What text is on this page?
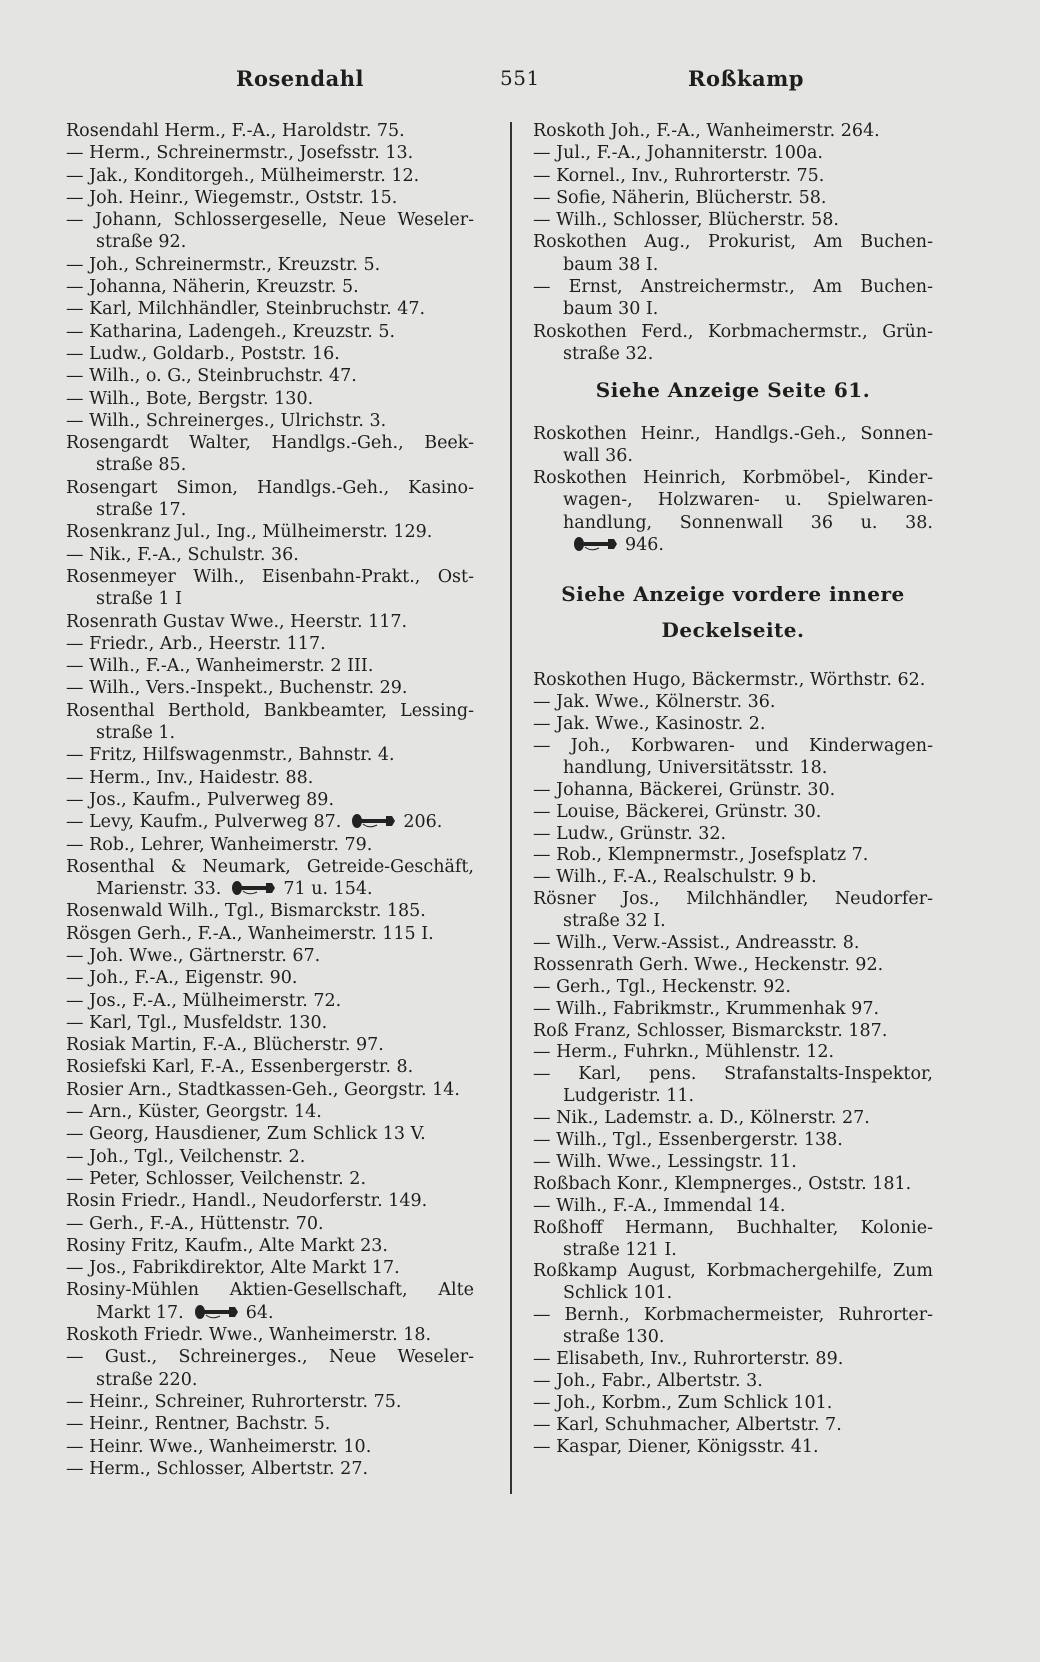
Rosendahl	551	Roßkamp
Rosendahl Herm., F.-A., Haroldstr. 75.
— Herm., Schreinermstr., Josefsstr. 13.
— Jak., Konditorgeh., Mülheimerstr. 12.
— Joh. Heinr., Wiegemstr., Oststr. 15.
— Johann, Schlossergeselle, Neue Weseler-
straße 92.
— Joh., Schreinermstr., Kreuzstr. 5.
— Johanna, Näherin, Kreuzstr. 5.
— Karl, Milchhändler, Steinbruchstr. 47.
— Katharina, Ladengeh., Kreuzstr. 5.
— Ludw., Goldarb., Poststr. 16.
— Wilh., o. G., Steinbruchstr. 47.
— Wilh., Bote, Bergstr. 130.
— Wilh., Schreinerges., Ulrichstr. 3.
Rosengardt Walter, Handlgs.-Geh., Beek-
straße 85.
Rosengart Simon, Handlgs.-Geh., Kasino-
straße 17.
Rosenkranz Jul., Ing., Mülheimerstr. 129.
— Nik., F.-A., Schulstr. 36.
Rosenmeyer Wilh., Eisenbahn-Prakt., Ost-
straße 1 I
Rosenrath Gustav Wwe., Heerstr. 117.
— Friedr., Arb., Heerstr. 117.
— Wilh., F.-A., Wanheimerstr. 2 III.
— Wilh., Vers.-Inspekt., Buchenstr. 29.
Rosenthal Berthold, Bankbeamter, Lessing-
straße 1.
— Fritz, Hilfswagenmstr., Bahnstr. 4.
— Herm., Inv., Haidestr. 88.
— Jos., Kaufm., Pulverweg 89.
— Levy, Kaufm., Pulverweg 87.	206.
— Rob., Lehrer, Wanheimerstr. 79.
Rosenthal & Neumark, Getreide-Geschäft,
Marienstr. 33.	71 u. 154.
Rosenwald Wilh., Tgl., Bismarckstr. 185.
Rösgen Gerh., F.-A., Wanheimerstr. 115 I.
— Joh. Wwe., Gärtnerstr. 67.
— Joh., F.-A., Eigenstr. 90.
— Jos., F.-A., Mülheimerstr. 72.
— Karl, Tgl., Musfeldstr. 130.
Rosiak Martin, F.-A., Blücherstr. 97.
Rosiefski Karl, F.-A., Essenbergerstr. 8.
Rosier Arn., Stadtkassen-Geh., Georgstr. 14.
— Arn., Küster, Georgstr. 14.
— Georg, Hausdiener, Zum Schlick 13 V.
— Joh., Tgl., Veilchenstr. 2.
— Peter, Schlosser, Veilchenstr. 2.
Rosin Friedr., Handl., Neudorferstr. 149.
— Gerh., F.-A., Hüttenstr. 70.
Rosiny Fritz, Kaufm., Alte Markt 23.
— Jos., Fabrikdirektor, Alte Markt 17.
Rosiny-Mühlen Aktien-Gesellschaft, Alte
Markt 17.	64.
Roskoth Friedr. Wwe., Wanheimerstr. 18.
— Gust., Schreinerges., Neue Weseler-
straße 220.
— Heinr., Schreiner, Ruhrorterstr. 75.
— Heinr., Rentner, Bachstr. 5.
— Heinr. Wwe., Wanheimerstr. 10.
— Herm., Schlosser, Albertstr. 27.
Roskoth Joh., F.-A., Wanheimerstr. 264.
— Jul., F.-A., Johanniterstr. 100a.
— Kornel., Inv., Ruhrorterstr. 75.
— Sofie, Näherin, Blücherstr. 58.
— Wilh., Schlosser, Blücherstr. 58.
Roskothen Aug., Prokurist, Am Buchen-
baum 38 I.
— Ernst, Anstreichermstr., Am Buchen-
baum 30 I.
Roskothen Ferd., Korbmachermstr., Grün-
straße 32.
Siehe Anzeige Seite 61.
Roskothen Heinr., Handlgs.-Geh., Sonnen-
wall 36.
Roskothen Heinrich, Korbmöbel-, Kinder-
wagen-, Holzwaren- u. Spielwaren-
handlung, Sonnenwall 36 u. 38.
946.
Siehe Anzeige vordere innere
Deckelseite.
Roskothen Hugo, Bäckermstr., Wörthstr. 62.
— Jak. Wwe., Kölnerstr. 36.
— Jak. Wwe., Kasinostr. 2.
— Joh., Korbwaren- und Kinderwagen-
handlung, Universitätsstr. 18.
— Johanna, Bäckerei, Grünstr. 30.
— Louise, Bäckerei, Grünstr. 30.
— Ludw., Grünstr. 32.
— Rob., Klempnermstr., Josefsplatz 7.
— Wilh., F.-A., Realschulstr. 9 b.
Rösner Jos., Milchhändler, Neudorfer-
straße 32 I.
— Wilh., Verw.-Assist., Andreasstr. 8.
Rossenrath Gerh. Wwe., Heckenstr. 92.
— Gerh., Tgl., Heckenstr. 92.
— Wilh., Fabrikmstr., Krummenhak 97.
Roß Franz, Schlosser, Bismarckstr. 187.
— Herm., Fuhrkn., Mühlenstr. 12.
— Karl, pens. Strafanstalts-Inspektor,
Ludgeristr. 11.
— Nik., Lademstr. a. D., Kölnerstr. 27.
— Wilh., Tgl., Essenbergerstr. 138.
— Wilh. Wwe., Lessingstr. 11.
Roßbach Konr., Klempnerges., Oststr. 181.
— Wilh., F.-A., Immendal 14.
Roßhoff Hermann, Buchhalter, Kolonie-
straße 121 I.
Roßkamp August, Korbmachergehilfe, Zum
Schlick 101.
— Bernh., Korbmachermeister, Ruhrorter-
straße 130.
— Elisabeth, Inv., Ruhrorterstr. 89.
— Joh., Fabr., Albertstr. 3.
— Joh., Korbm., Zum Schlick 101.
— Karl, Schuhmacher, Albertstr. 7.
— Kaspar, Diener, Königsstr. 41.
